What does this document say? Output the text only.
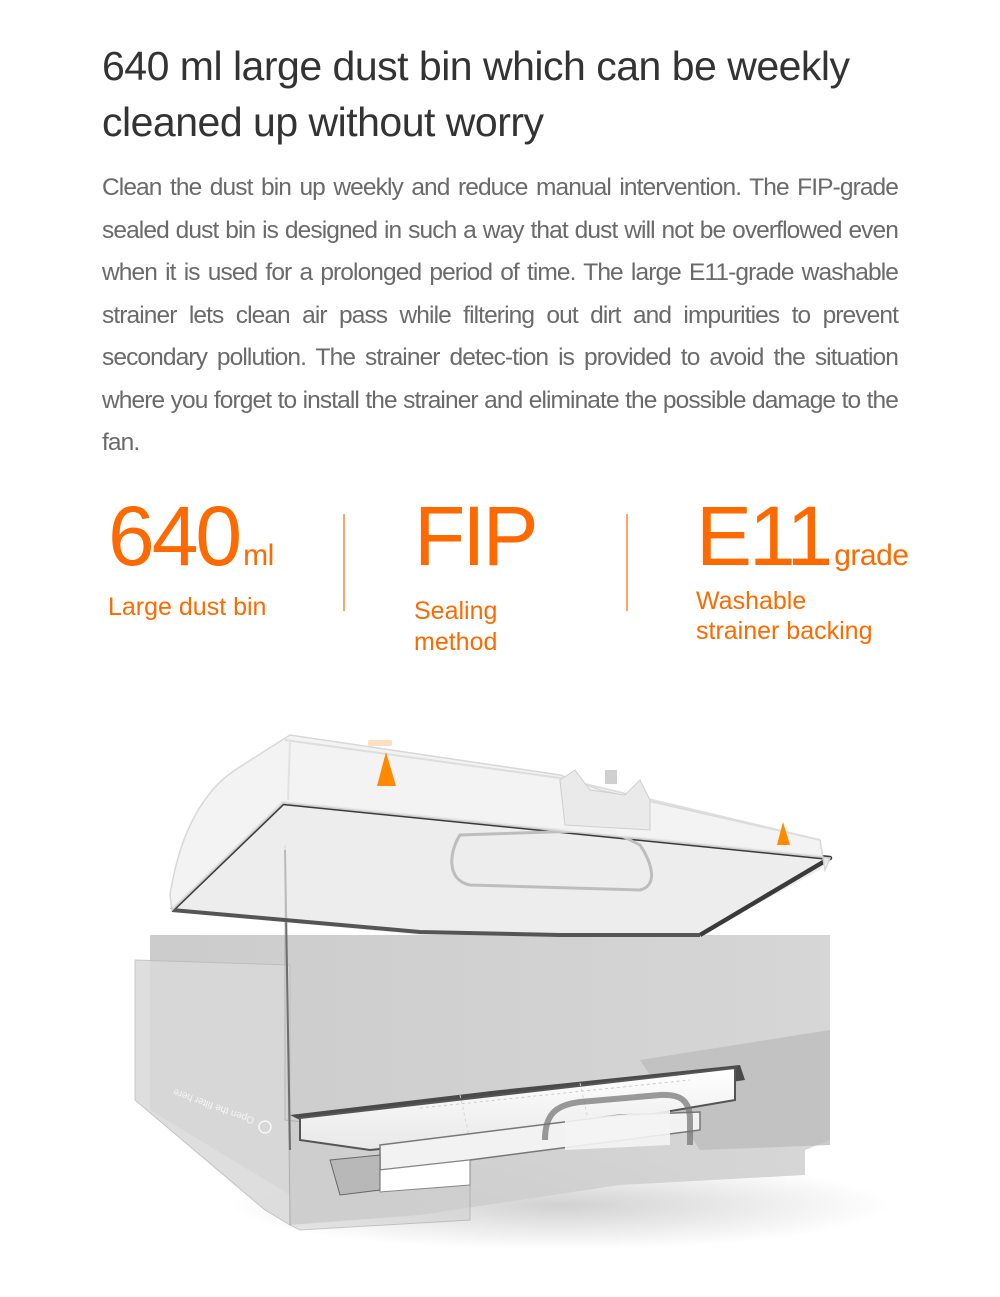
640 ml large dust bin which can be weekly cleaned up without worry

Clean the dust bin up weekly and reduce manual intervention. The FIP-grade sealed dust bin is designed in such a way that dust will not be overflowed even when it is used for a prolonged period of time. The large E11-grade washable strainer lets clean air pass while filtering out dirt and impurities to prevent secondary pollution. The strainer detec-tion is provided to avoid the situation where you forget to install the strainer and eliminate the possible damage to the fan.

640 ml
Large dust bin
FIP
Sealing
method
E11 grade
Washable
strainer backing
Open the filter here
